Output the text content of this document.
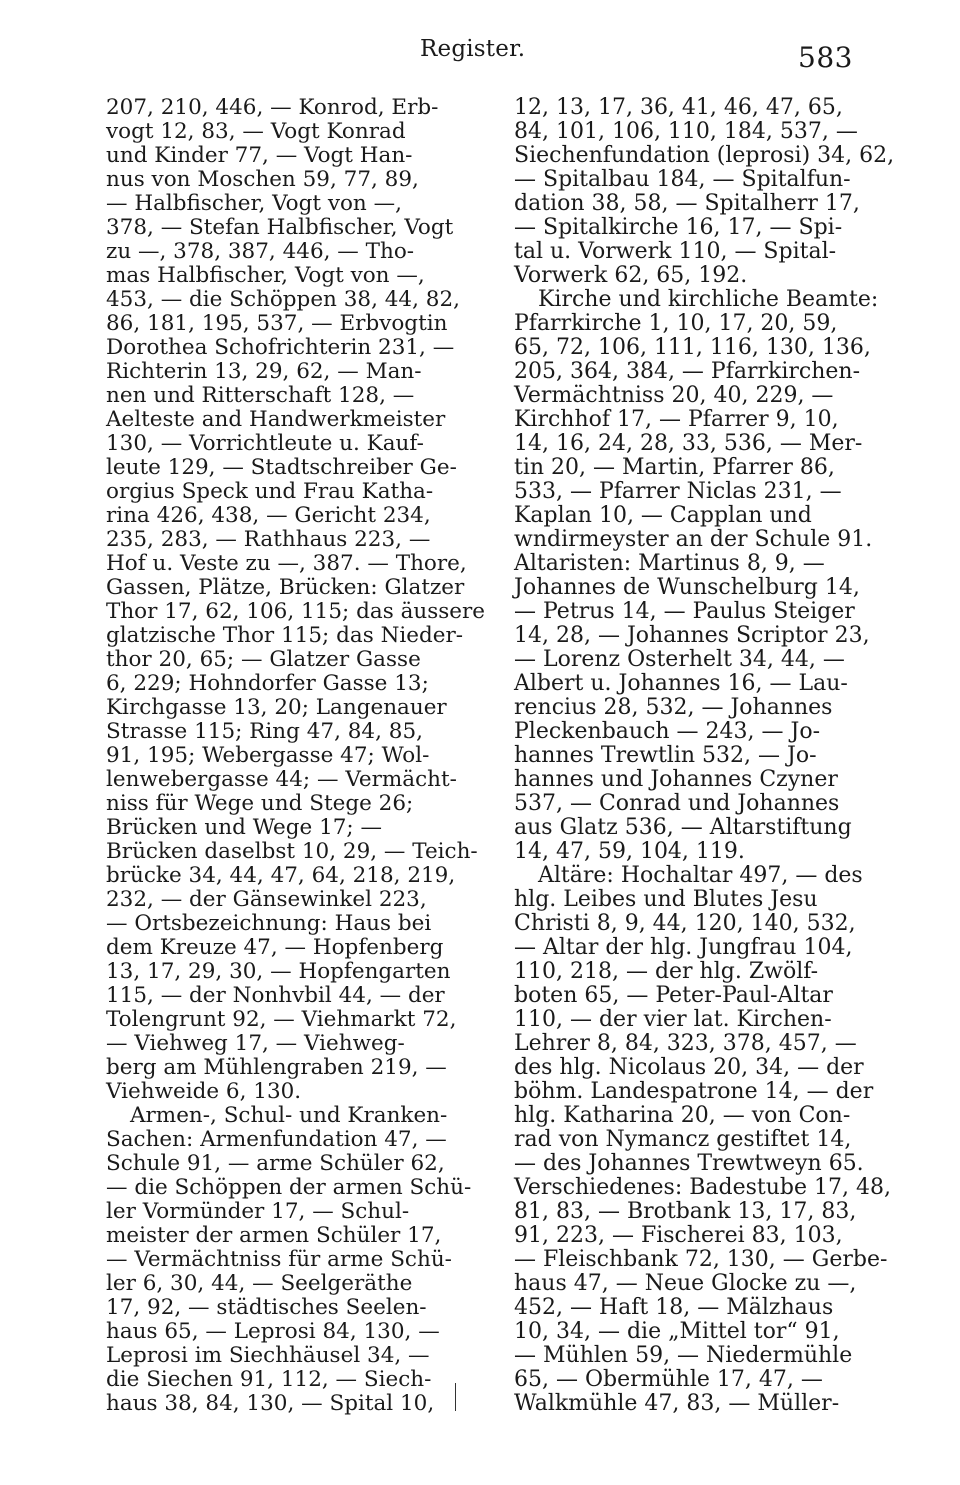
Register.	583
207, 210, 446, — Konrod, Erb-
vogt 12, 83, — Vogt Konrad
und Kinder 77, — Vogt Han-
nus von Moschen 59, 77, 89,
— Halbfischer, Vogt von —,
378, — Stefan Halbfischer, Vogt
zu —, 378, 387, 446, — Tho-
mas Halbfischer, Vogt von —,
453, — die Schöppen 38, 44, 82,
86, 181, 195, 537, — Erbvogtin
Dorothea Schofrichterin 231, —
Richterin 13, 29, 62, — Man-
nen und Ritterschaft 128, —
Aelteste and Handwerkmeister
130, — Vorrichtleute u. Kauf-
leute 129, — Stadtschreiber Ge-
orgius Speck und Frau Katha-
rina 426, 438, — Gericht 234,
235, 283, — Rathhaus 223, —
Hof u. Veste zu —, 387. — Thore,
Gassen, Plätze, Brücken: Glatzer
Thor 17, 62, 106, 115; das äussere
glatzische Thor 115; das Nieder-
thor 20, 65; — Glatzer Gasse
6, 229; Hohndorfer Gasse 13;
Kirchgasse 13, 20; Langenauer
Strasse 115; Ring 47, 84, 85,
91, 195; Webergasse 47; Wol-
lenwebergasse 44; — Vermächt-
niss für Wege und Stege 26;
Brücken und Wege 17; —
Brücken daselbst 10, 29, — Teich-
brücke 34, 44, 47, 64, 218, 219,
232, — der Gänsewinkel 223,
— Ortsbezeichnung: Haus bei
dem Kreuze 47, — Hopfenberg
13, 17, 29, 30, — Hopfengarten
115, — der Nonhvbil 44, — der
Tolengrunt 92, — Viehmarkt 72,
— Viehweg 17, — Viehweg-
berg am Mühlengraben 219, —
Viehweide 6, 130.
Armen-, Schul- und Kranken-
Sachen: Armenfundation 47, —
Schule 91, — arme Schüler 62,
— die Schöppen der armen Schü-
ler Vormünder 17, — Schul-
meister der armen Schüler 17,
— Vermächtniss für arme Schü-
ler 6, 30, 44, — Seelgeräthe
17, 92, — städtisches Seelen-
haus 65, — Leprosi 84, 130, —
Leprosi im Siechhäusel 34, —
die Siechen 91, 112, — Siech-
haus 38, 84, 130, — Spital 10,
12, 13, 17, 36, 41, 46, 47, 65,
84, 101, 106, 110, 184, 537, —
Siechenfundation (leprosi) 34, 62,
— Spitalbau 184, — Spitalfun-
dation 38, 58, — Spitalherr 17,
— Spitalkirche 16, 17, — Spi-
tal u. Vorwerk 110, — Spital-
Vorwerk 62, 65, 192.
Kirche und kirchliche Beamte:
Pfarrkirche 1, 10, 17, 20, 59,
65, 72, 106, 111, 116, 130, 136,
205, 364, 384, — Pfarrkirchen-
Vermächtniss 20, 40, 229, —
Kirchhof 17, — Pfarrer 9, 10,
14, 16, 24, 28, 33, 536, — Mer-
tin 20, — Martin, Pfarrer 86,
533, — Pfarrer Niclas 231, —
Kaplan 10, — Capplan und
wndirmeyster an der Schule 91.
Altaristen: Martinus 8, 9, —
Johannes de Wunschelburg 14,
— Petrus 14, — Paulus Steiger
14, 28, — Johannes Scriptor 23,
— Lorenz Osterhelt 34, 44, —
Albert u. Johannes 16, — Lau-
rencius 28, 532, — Johannes
Pleckenbauch — 243, — Jo-
hannes Trewtlin 532, — Jo-
hannes und Johannes Czyner
537, — Conrad und Johannes
aus Glatz 536, — Altarstiftung
14, 47, 59, 104, 119.
Altäre: Hochaltar 497, — des
hlg. Leibes und Blutes Jesu
Christi 8, 9, 44, 120, 140, 532,
— Altar der hlg. Jungfrau 104,
110, 218, — der hlg. Zwölf-
boten 65, — Peter-Paul-Altar
110, — der vier lat. Kirchen-
Lehrer 8, 84, 323, 378, 457, —
des hlg. Nicolaus 20, 34, — der
böhm. Landespatrone 14, — der
hlg. Katharina 20, — von Con-
rad von Nymancz gestiftet 14,
— des Johannes Trewtweyn 65.
Verschiedenes: Badestube 17, 48,
81, 83, — Brotbank 13, 17, 83,
91, 223, — Fischerei 83, 103,
— Fleischbank 72, 130, — Gerbe-
haus 47, — Neue Glocke zu —,
452, — Haft 18, — Mälzhaus
10, 34, — die „Mittel tor“ 91,
— Mühlen 59, — Niedermühle
65, — Obermühle 17, 47, —
Walkmühle 47, 83, — Müller-
